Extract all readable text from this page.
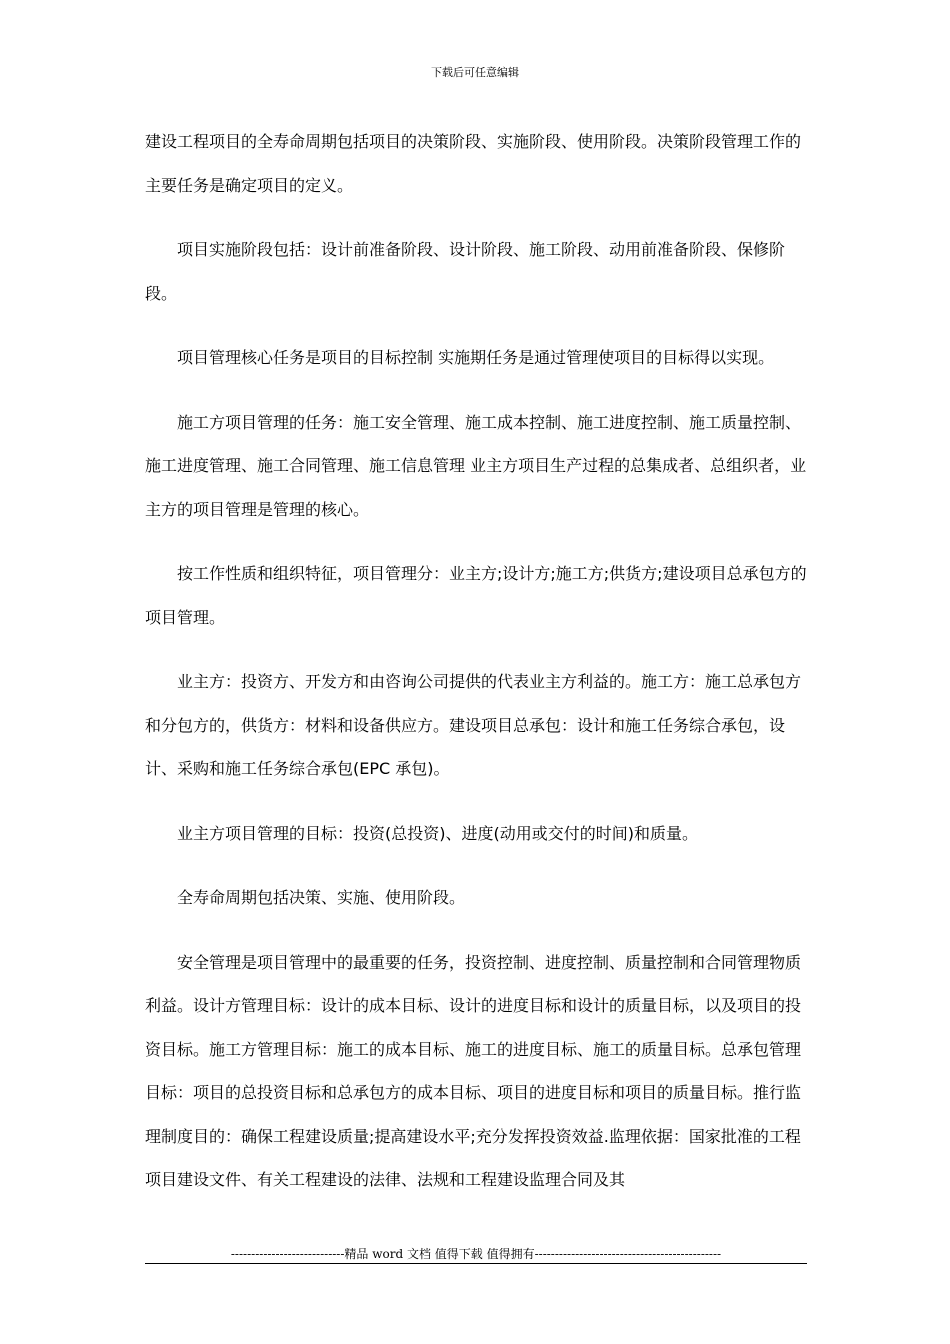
下载后可任意编辑

建设工程项目的全寿命周期包括项目的决策阶段、实施阶段、使用阶段。决策阶段管理工作的主要任务是确定项目的定义。

项目实施阶段包括：设计前准备阶段、设计阶段、施工阶段、动用前准备阶段、保修阶段。

项目管理核心任务是项目的目标控制 实施期任务是通过管理使项目的目标得以实现。

施工方项目管理的任务：施工安全管理、施工成本控制、施工进度控制、施工质量控制、施工进度管理、施工合同管理、施工信息管理 业主方项目生产过程的总集成者、总组织者，业主方的项目管理是管理的核心。

按工作性质和组织特征，项目管理分：业主方;设计方;施工方;供货方;建设项目总承包方的项目管理。

业主方：投资方、开发方和由咨询公司提供的代表业主方利益的。施工方：施工总承包方和分包方的，供货方：材料和设备供应方。建设项目总承包：设计和施工任务综合承包，设计、采购和施工任务综合承包(EPC 承包)。

业主方项目管理的目标：投资(总投资)、进度(动用或交付的时间)和质量。

全寿命周期包括决策、实施、使用阶段。

安全管理是项目管理中的最重要的任务，投资控制、进度控制、质量控制和合同管理物质利益。设计方管理目标：设计的成本目标、设计的进度目标和设计的质量目标，以及项目的投资目标。施工方管理目标：施工的成本目标、施工的进度目标、施工的质量目标。总承包管理目标：项目的总投资目标和总承包方的成本目标、项目的进度目标和项目的质量目标。推行监理制度目的：确保工程建设质量;提高建设水平;充分发挥投资效益.监理依据：国家批准的工程项目建设文件、有关工程建设的法律、法规和工程建设监理合同及其

----------------------------精品 word 文档 值得下载 值得拥有----------------------------------------------
